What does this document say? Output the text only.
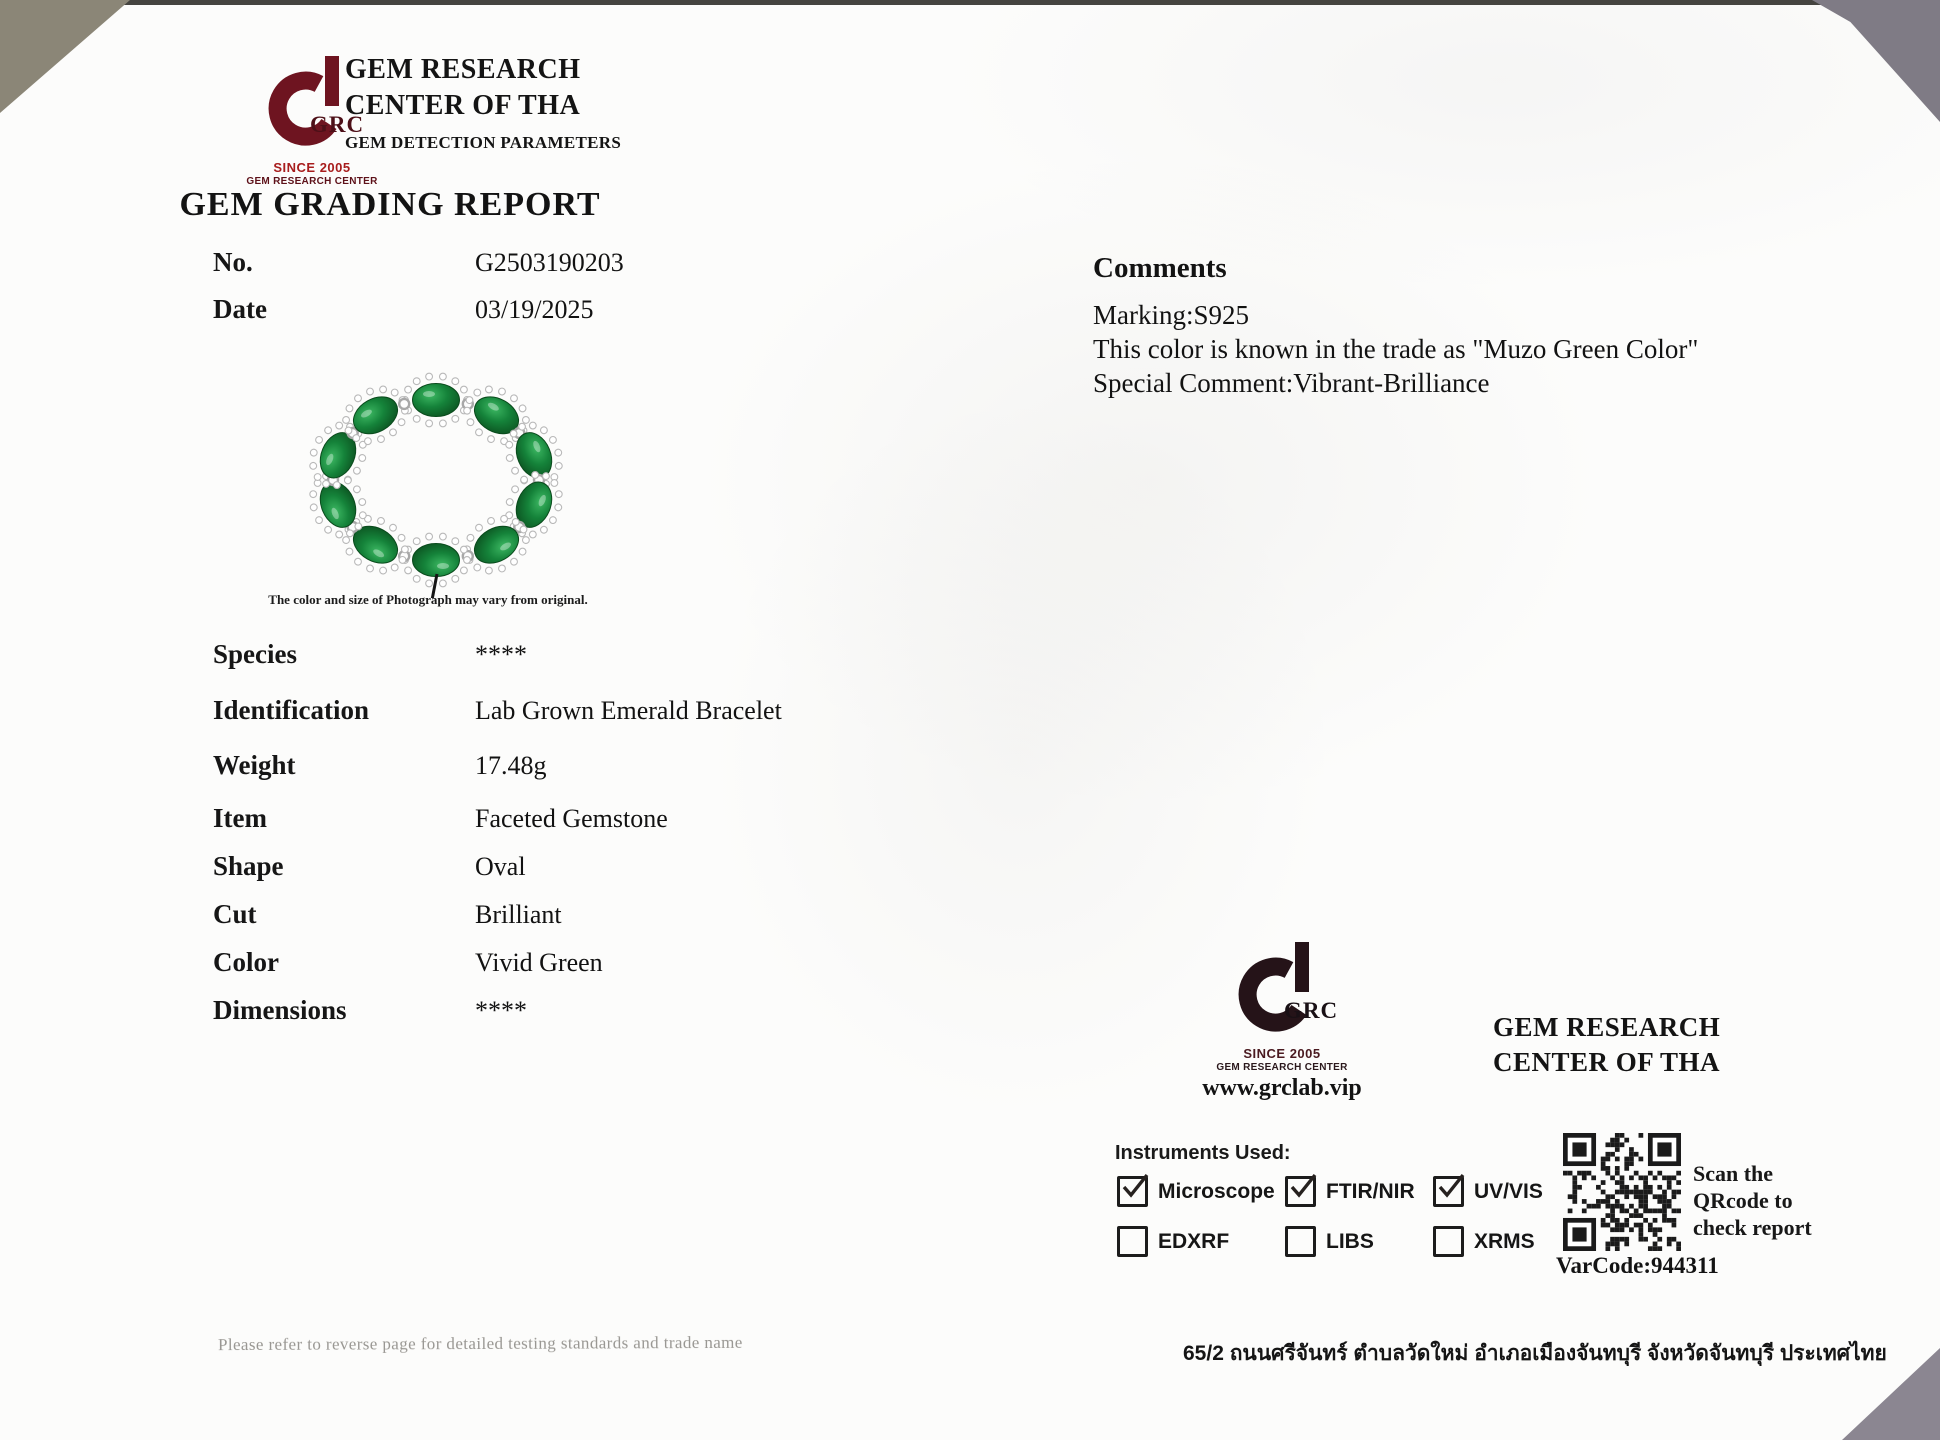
GRC
SINCE 2005
GEM RESEARCH CENTER
GEM RESEARCH
CENTER OF THA
GEM DETECTION PARAMETERS
GEM GRADING REPORT
No.	G2503190203
Date	03/19/2025
The color and size of Photograph may vary from original.
Species	****
Identification	Lab Grown Emerald Bracelet
Weight	17.48g
Item	Faceted Gemstone
Shape	Oval
Cut	Brilliant
Color	Vivid Green
Dimensions	****
Please refer to reverse page for detailed testing standards and trade name
Comments
Marking:S925
This color is known in the trade as "Muzo Green Color"
Special Comment:Vibrant-Brilliance
GRC
SINCE 2005
GEM RESEARCH CENTER
www.grclab.vip
GEM RESEARCH
CENTER OF THA
Instruments Used:
Microscope FTIR/NIR	UV/VIS
EDXRF	LIBS	XRMS
Scan the QRcode to check report
VarCode:944311
65/2 ถนนศรีจันทร์ ตำบลวัดใหม่ อำเภอเมืองจันทบุรี จังหวัดจันทบุรี ประเทศไทย
